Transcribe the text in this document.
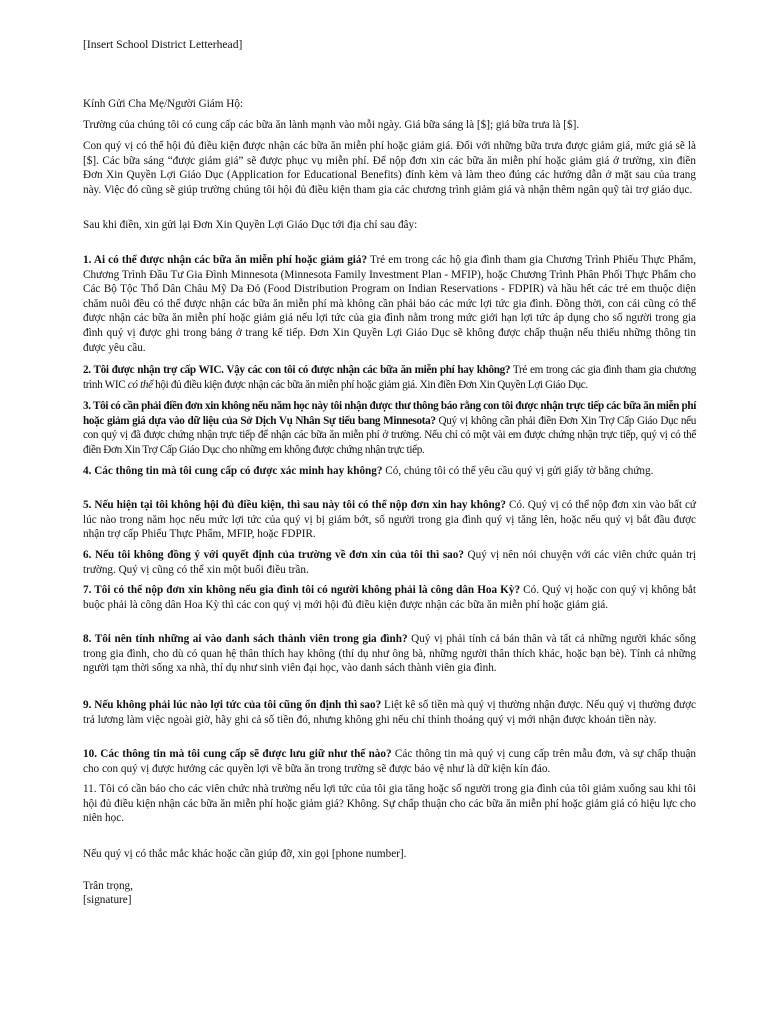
[Insert School District Letterhead]

Kính Gửi Cha Mẹ/Người Giám Hộ:

Trường của chúng tôi có cung cấp các bữa ăn lành mạnh vào mỗi ngày. Giá bữa sáng là [$]; giá bữa trưa là [$].

Con quý vị có thể hội đủ điều kiện được nhận các bữa ăn miễn phí hoặc giảm giá. Đối với những bữa trưa được giảm giá, mức giá sẽ là [$]. Các bữa sáng “được giảm giá” sẽ được phục vụ miễn phí. Để nộp đơn xin các bữa ăn miễn phí hoặc giảm giá ở trường, xin điền Đơn Xin Quyền Lợi Giáo Dục (Application for Educational Benefits) đính kèm và làm theo đúng các hướng dẫn ở mặt sau của trang này. Việc đó cũng sẽ giúp trường chúng tôi hội đủ điều kiện tham gia các chương trình giảm giá và nhận thêm ngân quỹ tài trợ giáo dục.

Sau khi điền, xin gửi lại Đơn Xin Quyền Lợi Giáo Dục tới địa chỉ sau đây:

1. Ai có thể được nhận các bữa ăn miễn phí hoặc giảm giá? Trẻ em trong các hộ gia đình tham gia Chương Trình Phiếu Thực Phẩm, Chương Trình Đầu Tư Gia Đình Minnesota (Minnesota Family Investment Plan - MFIP), hoặc Chương Trình Phân Phối Thực Phẩm cho Các Bộ Tộc Thổ Dân Châu Mỹ Da Đỏ (Food Distribution Program on Indian Reservations - FDPIR) và hầu hết các trẻ em thuộc diện chăm nuôi đều có thể được nhận các bữa ăn miễn phí mà không cần phải báo các mức lợi tức gia đình. Đồng thời, con cái cũng có thể được nhận các bữa ăn miễn phí hoặc giảm giá nếu lợi tức của gia đình nằm trong mức giới hạn lợi tức áp dụng cho số người trong gia đình quý vị được ghi trong bảng ở trang kế tiếp. Đơn Xin Quyền Lợi Giáo Dục sẽ không được chấp thuận nếu thiếu những thông tin được yêu cầu.

2. Tôi được nhận trợ cấp WIC. Vậy các con tôi có được nhận các bữa ăn miễn phí hay không? Trẻ em trong các gia đình tham gia chương trình WIC có thể hội đủ điều kiện được nhận các bữa ăn miễn phí hoặc giảm giá. Xin điền Đơn Xin Quyền Lợi Giáo Dục.

3. Tôi có cần phải điền đơn xin không nếu năm học này tôi nhận được thư thông báo rằng con tôi được nhận trực tiếp các bữa ăn miễn phí hoặc giảm giá dựa vào dữ liệu của Sở Dịch Vụ Nhân Sự tiểu bang Minnesota? Quý vị không cần phải điền Đơn Xin Trợ Cấp Giáo Dục nếu con quý vị đã được chứng nhận trực tiếp để nhận các bữa ăn miễn phí ở trường. Nếu chỉ có một vài em được chứng nhận trực tiếp, quý vị có thể điền Đơn Xin Trợ Cấp Giáo Dục cho những em không được chứng nhận trực tiếp.

4. Các thông tin mà tôi cung cấp có được xác minh hay không? Có, chúng tôi có thể yêu cầu quý vị gửi giấy tờ bằng chứng.

5. Nếu hiện tại tôi không hội đủ điều kiện, thì sau này tôi có thể nộp đơn xin hay không? Có. Quý vị có thể nộp đơn xin vào bất cứ lúc nào trong năm học nếu mức lợi tức của quý vị bị giảm bớt, số người trong gia đình quý vị tăng lên, hoặc nếu quý vị bắt đầu được nhận trợ cấp Phiếu Thực Phẩm, MFIP, hoặc FDPIR.

6. Nếu tôi không đồng ý với quyết định của trường về đơn xin của tôi thì sao? Quý vị nên nói chuyện với các viên chức quản trị trường. Quý vị cũng có thể xin một buổi điều trần.

7. Tôi có thể nộp đơn xin không nếu gia đình tôi có người không phải là công dân Hoa Kỳ? Có. Quý vị hoặc con quý vị không bắt buộc phải là công dân Hoa Kỳ thì các con quý vị mới hội đủ điều kiện được nhận các bữa ăn miễn phí hoặc giảm giá.

8. Tôi nên tính những ai vào danh sách thành viên trong gia đình? Quý vị phải tính cả bản thân và tất cả những người khác sống trong gia đình, cho dù có quan hệ thân thích hay không (thí dụ như ông bà, những người thân thích khác, hoặc bạn bè). Tính cả những người tạm thời sống xa nhà, thí dụ như sinh viên đại học, vào danh sách thành viên gia đình.

9. Nếu không phải lúc nào lợi tức của tôi cũng ổn định thì sao? Liệt kê số tiền mà quý vị thường nhận được. Nếu quý vị thường được trả lương làm việc ngoài giờ, hãy ghi cả số tiền đó, nhưng không ghi nếu chỉ thỉnh thoảng quý vị mới nhận được khoản tiền này.

10. Các thông tin mà tôi cung cấp sẽ được lưu giữ như thế nào? Các thông tin mà quý vị cung cấp trên mẫu đơn, và sự chấp thuận cho con quý vị được hưởng các quyền lợi về bữa ăn trong trường sẽ được bảo vệ như là dữ kiện kín đáo.

11. Tôi có cần báo cho các viên chức nhà trường nếu lợi tức của tôi gia tăng hoặc số người trong gia đình của tôi giảm xuống sau khi tôi hội đủ điều kiện nhận các bữa ăn miễn phí hoặc giảm giá? Không. Sự chấp thuận cho các bữa ăn miễn phí hoặc giảm giá có hiệu lực cho niên học.

Nếu quý vị có thắc mắc khác hoặc cần giúp đỡ, xin gọi [phone number].

Trân trọng,

[signature]
